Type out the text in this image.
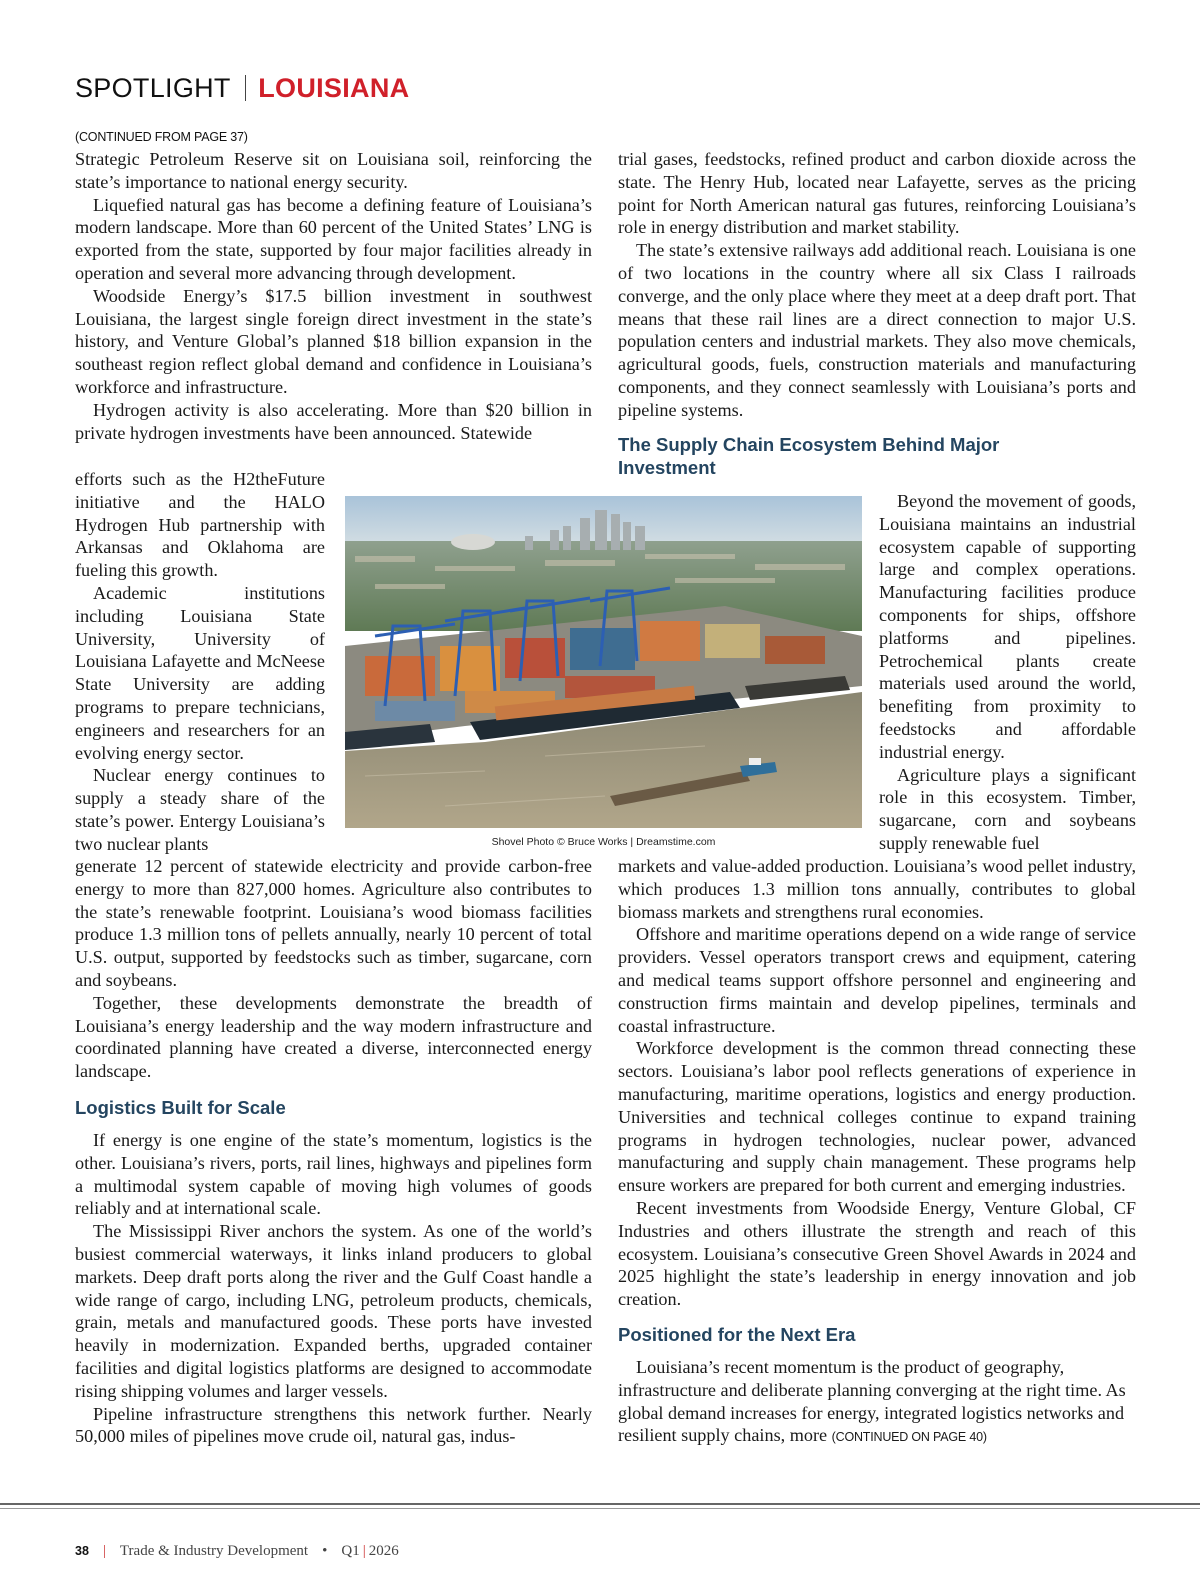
SPOTLIGHT LOUISIANA
(CONTINUED FROM PAGE 37)

Strategic Petroleum Reserve sit on Louisiana soil, reinforcing the state’s importance to national energy security.

Liquefied natural gas has become a defining feature of Louisiana’s modern landscape. More than 60 percent of the United States’ LNG is exported from the state, supported by four major facilities already in operation and several more advancing through development.

Woodside Energy’s $17.5 billion investment in southwest Louisiana, the largest single foreign direct investment in the state’s history, and Venture Global’s planned $18 billion expansion in the southeast region reflect global demand and confidence in Louisiana’s workforce and infrastructure.

Hydrogen activity is also accelerating. More than $20 billion in private hydrogen investments have been announced. Statewide

efforts such as the H2theFuture initiative and the HALO Hydrogen Hub partnership with Arkansas and Oklahoma are fueling this growth.

Academic institutions including Louisiana State University, University of Louisiana Lafayette and McNeese State University are adding programs to prepare technicians, engineers and researchers for an evolving energy sector.

Nuclear energy continues to supply a steady share of the state’s power. Entergy Louisiana’s two nuclear plants

generate 12 percent of statewide electricity and provide carbon-free energy to more than 827,000 homes. Agriculture also contributes to the state’s renewable footprint. Louisiana’s wood biomass facilities produce 1.3 million tons of pellets annually, nearly 10 percent of total U.S. output, supported by feedstocks such as timber, sugarcane, corn and soybeans.

Together, these developments demonstrate the breadth of Louisiana’s energy leadership and the way modern infrastructure and coordinated planning have created a diverse, interconnected energy landscape.

Logistics Built for Scale

If energy is one engine of the state’s momentum, logistics is the other. Louisiana’s rivers, ports, rail lines, highways and pipelines form a multimodal system capable of moving high volumes of goods reliably and at international scale.

The Mississippi River anchors the system. As one of the world’s busiest commercial waterways, it links inland producers to global markets. Deep draft ports along the river and the Gulf Coast handle a wide range of cargo, including LNG, petroleum products, chemicals, grain, metals and manufactured goods. These ports have invested heavily in modernization. Expanded berths, upgraded container facilities and digital logistics platforms are designed to accommodate rising shipping volumes and larger vessels.

Pipeline infrastructure strengthens this network further. Nearly 50,000 miles of pipelines move crude oil, natural gas, indus-

trial gases, feedstocks, refined product and carbon dioxide across the state. The Henry Hub, located near Lafayette, serves as the pricing point for North American natural gas futures, reinforcing Louisiana’s role in energy distribution and market stability.

The state’s extensive railways add additional reach. Louisiana is one of two locations in the country where all six Class I railroads converge, and the only place where they meet at a deep draft port. That means that these rail lines are a direct connection to major U.S. population centers and industrial markets. They also move chemicals, agricultural goods, fuels, construction materials and manufacturing components, and they connect seamlessly with Louisiana’s ports and pipeline systems.

The Supply Chain Ecosystem Behind Major Investment

Beyond the movement of goods, Louisiana maintains an industrial ecosystem capable of supporting large and complex operations. Manufacturing facilities produce components for ships, offshore platforms and pipelines. Petrochemical plants create materials used around the world, benefiting from proximity to feedstocks and affordable industrial energy.

Agriculture plays a significant role in this ecosystem. Timber, sugarcane, corn and soybeans supply renewable fuel

markets and value-added production. Louisiana’s wood pellet industry, which produces 1.3 million tons annually, contributes to global biomass markets and strengthens rural economies.

Offshore and maritime operations depend on a wide range of service providers. Vessel operators transport crews and equipment, catering and medical teams support offshore personnel and engineering and construction firms maintain and develop pipelines, terminals and coastal infrastructure.

Workforce development is the common thread connecting these sectors. Louisiana’s labor pool reflects generations of experience in manufacturing, maritime operations, logistics and energy production. Universities and technical colleges continue to expand training programs in hydrogen technologies, nuclear power, advanced manufacturing and supply chain management. These programs help ensure workers are prepared for both current and emerging industries.

Recent investments from Woodside Energy, Venture Global, CF Industries and others illustrate the strength and reach of this ecosystem. Louisiana’s consecutive Green Shovel Awards in 2024 and 2025 highlight the state’s leadership in energy innovation and job creation.

Positioned for the Next Era

Louisiana’s recent momentum is the product of geography, infrastructure and deliberate planning converging at the right time. As global demand increases for energy, integrated logistics networks and resilient supply chains, more (CONTINUED ON PAGE 40)

Shovel Photo © Bruce Works | Dreamstime.com
38 | Trade & Industry Development • Q1 | 2026
